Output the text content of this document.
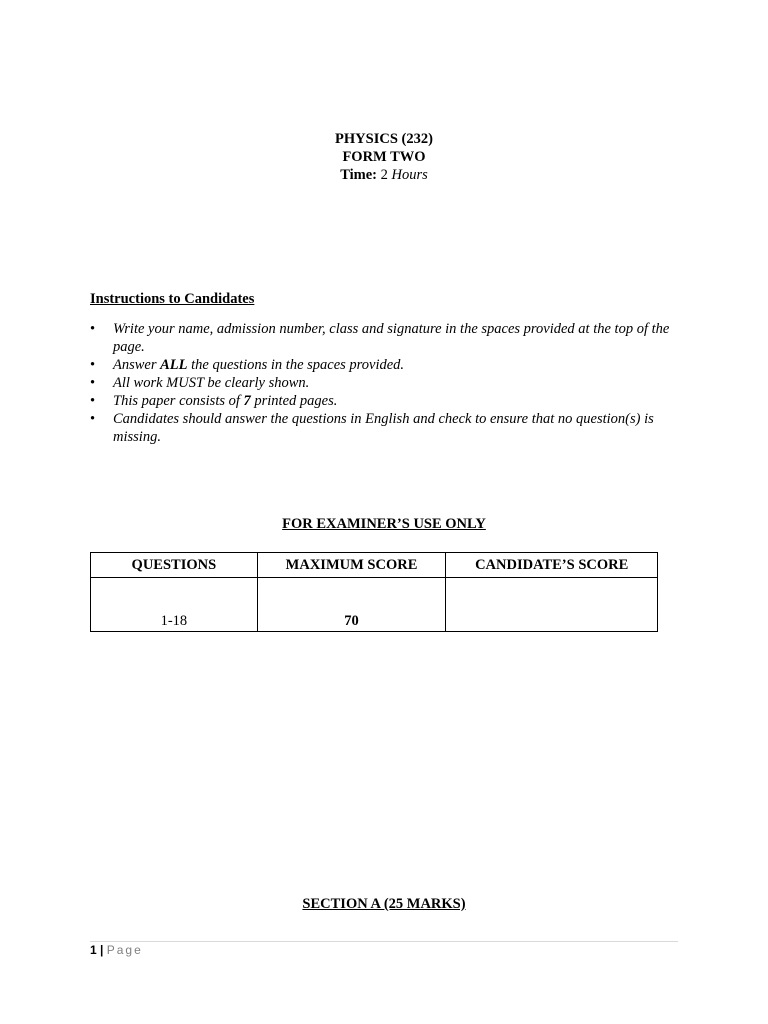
PHYSICS (232)
FORM TWO
Time: 2 Hours
Instructions to Candidates
•	Write your name, admission number, class and signature in the spaces provided at the top of the page.
•	Answer ALL the questions in the spaces provided.
•	All work MUST be clearly shown.
•	This paper consists of 7 printed pages.
•	Candidates should answer the questions in English and check to ensure that no question(s) is missing.
FOR EXAMINER’S USE ONLY
QUESTIONS	MAXIMUM SCORE	CANDIDATE’S SCORE
1-18	70	
SECTION A (25 MARKS)
1 | Page
